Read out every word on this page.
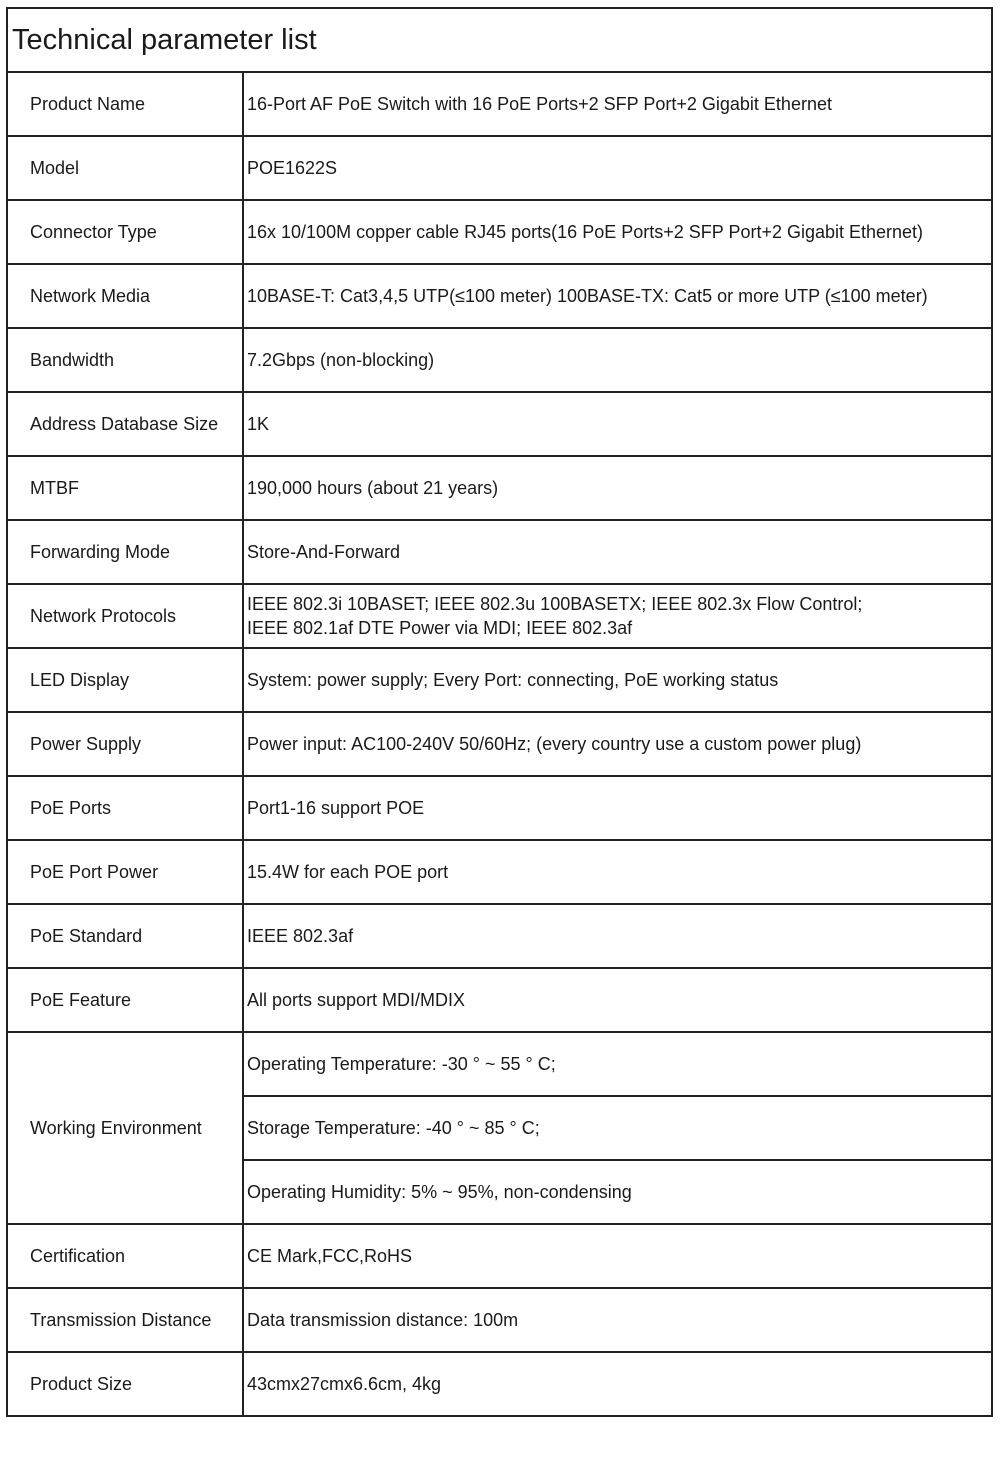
Technical parameter list	
Product Name	16-Port AF PoE Switch with 16 PoE Ports+2 SFP Port+2 Gigabit Ethernet

Model	POE1622S

Connector Type	16x 10/100M copper cable RJ45 ports(16 PoE Ports+2 SFP Port+2 Gigabit Ethernet)

Network Media	10BASE-T: Cat3,4,5 UTP(≤100 meter) 100BASE-TX: Cat5 or more UTP (≤100 meter)

Bandwidth	7.2Gbps (non-blocking)

Address Database Size	1K

MTBF	190,000 hours (about 21 years)

Forwarding Mode	Store-And-Forward

Network Protocols	IEEE 802.3i 10BASET; IEEE 802.3u 100BASETX; IEEE 802.3x Flow Control;
IEEE 802.1af DTE Power via MDI; IEEE 802.3af

LED Display	System: power supply; Every Port: connecting, PoE working status

Power Supply	Power input: AC100-240V 50/60Hz; (every country use a custom power plug)

PoE Ports	Port1-16 support POE

PoE Port Power	15.4W for each POE port

PoE Standard	IEEE 802.3af

PoE Feature	All ports support MDI/MDIX

Working Environment	Operating Temperature: -30 ° ~ 55 ° C;
	Storage Temperature: -40 ° ~ 85 ° C;
	Operating Humidity: 5% ~ 95%, non-condensing
Certification	CE Mark,FCC,RoHS

Transmission Distance	Data transmission distance: 100m

Product Size	43cmx27cmx6.6cm, 4kg
